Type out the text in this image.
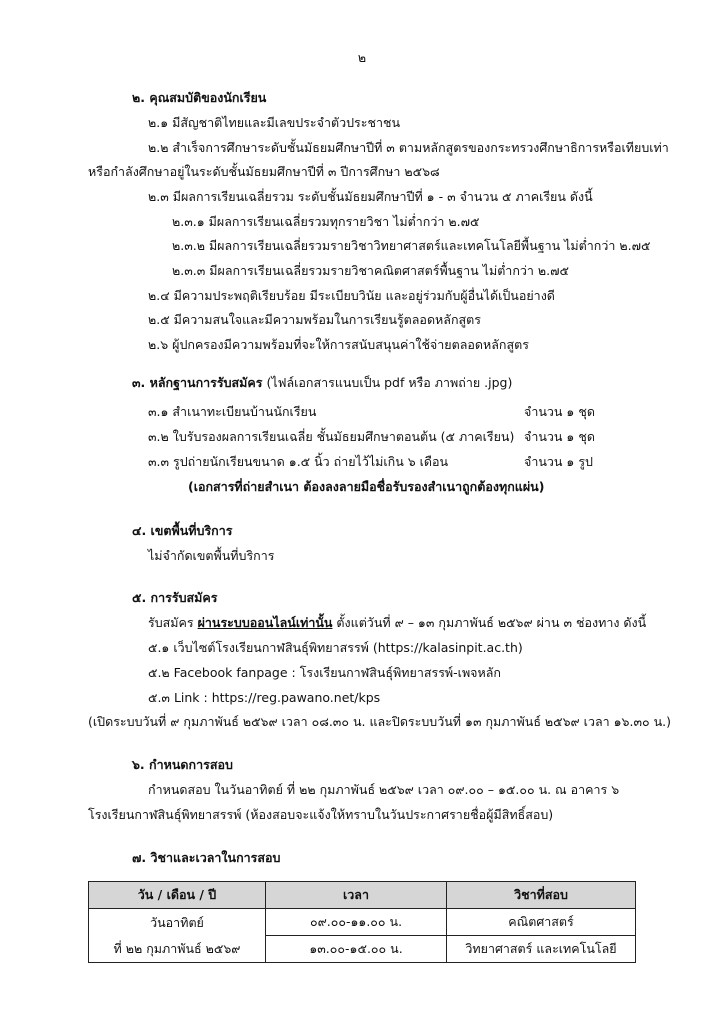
๒
๒. คุณสมบัติของนักเรียน
๒.๑ มีสัญชาติไทยและมีเลขประจำตัวประชาชน
๒.๒ สำเร็จการศึกษาระดับชั้นมัธยมศึกษาปีที่ ๓ ตามหลักสูตรของกระทรวงศึกษาธิการหรือเทียบเท่า
หรือกำลังศึกษาอยู่ในระดับชั้นมัธยมศึกษาปีที่ ๓ ปีการศึกษา ๒๕๖๘
๒.๓ มีผลการเรียนเฉลี่ยรวม ระดับชั้นมัธยมศึกษาปีที่ ๑ - ๓ จำนวน ๕ ภาคเรียน ดังนี้
๒.๓.๑ มีผลการเรียนเฉลี่ยรวมทุกรายวิชา ไม่ต่ำกว่า ๒.๗๕
๒.๓.๒ มีผลการเรียนเฉลี่ยรวมรายวิชาวิทยาศาสตร์และเทคโนโลยีพื้นฐาน ไม่ต่ำกว่า ๒.๗๕
๒.๓.๓ มีผลการเรียนเฉลี่ยรวมรายวิชาคณิตศาสตร์พื้นฐาน ไม่ต่ำกว่า ๒.๗๕
๒.๔ มีความประพฤติเรียบร้อย มีระเบียบวินัย และอยู่ร่วมกับผู้อื่นได้เป็นอย่างดี
๒.๕ มีความสนใจและมีความพร้อมในการเรียนรู้ตลอดหลักสูตร
๒.๖ ผู้ปกครองมีความพร้อมที่จะให้การสนับสนุนค่าใช้จ่ายตลอดหลักสูตร
๓. หลักฐานการรับสมัคร (ไฟล์เอกสารแนบเป็น pdf หรือ ภาพถ่าย .jpg)
๓.๑ สำเนาทะเบียนบ้านนักเรียน	จำนวน ๑ ชุด
๓.๒ ใบรับรองผลการเรียนเฉลี่ย ชั้นมัธยมศึกษาตอนต้น (๕ ภาคเรียน) จำนวน ๑ ชุด
๓.๓ รูปถ่ายนักเรียนขนาด ๑.๕ นิ้ว ถ่ายไว้ไม่เกิน ๖ เดือน	จำนวน ๑ รูป
(เอกสารที่ถ่ายสำเนา ต้องลงลายมือชื่อรับรองสำเนาถูกต้องทุกแผ่น)
๔. เขตพื้นที่บริการ
ไม่จำกัดเขตพื้นที่บริการ
๕. การรับสมัคร
รับสมัคร ผ่านระบบออนไลน์เท่านั้น ตั้งแต่วันที่ ๙ – ๑๓ กุมภาพันธ์ ๒๕๖๙ ผ่าน ๓ ช่องทาง ดังนี้
๕.๑ เว็บไซต์โรงเรียนกาฬสินธุ์พิทยาสรรพ์ (https://kalasinpit.ac.th)
๕.๒ Facebook fanpage : โรงเรียนกาฬสินธุ์พิทยาสรรพ์-เพจหลัก
๕.๓ Link : https://reg.pawano.net/kps
(เปิดระบบวันที่ ๙ กุมภาพันธ์ ๒๕๖๙ เวลา ๐๘.๓๐ น. และปิดระบบวันที่ ๑๓ กุมภาพันธ์ ๒๕๖๙ เวลา ๑๖.๓๐ น.)
๖. กำหนดการสอบ
กำหนดสอบ ในวันอาทิตย์ ที่ ๒๒ กุมภาพันธ์ ๒๕๖๙ เวลา ๐๙.๐๐ – ๑๕.๐๐ น. ณ อาคาร ๖
โรงเรียนกาฬสินธุ์พิทยาสรรพ์ (ห้องสอบจะแจ้งให้ทราบในวันประกาศรายชื่อผู้มีสิทธิ์สอบ)
๗. วิชาและเวลาในการสอบ
วัน / เดือน / ปี	เวลา	วิชาที่สอบ

วันอาทิตย์
ที่ ๒๒ กุมภาพันธ์ ๒๕๖๙	๐๙.๐๐-๑๑.๐๐ น.	คณิตศาสตร์
	๑๓.๐๐-๑๕.๐๐ น.	วิทยาศาสตร์ และเทคโนโลยี
